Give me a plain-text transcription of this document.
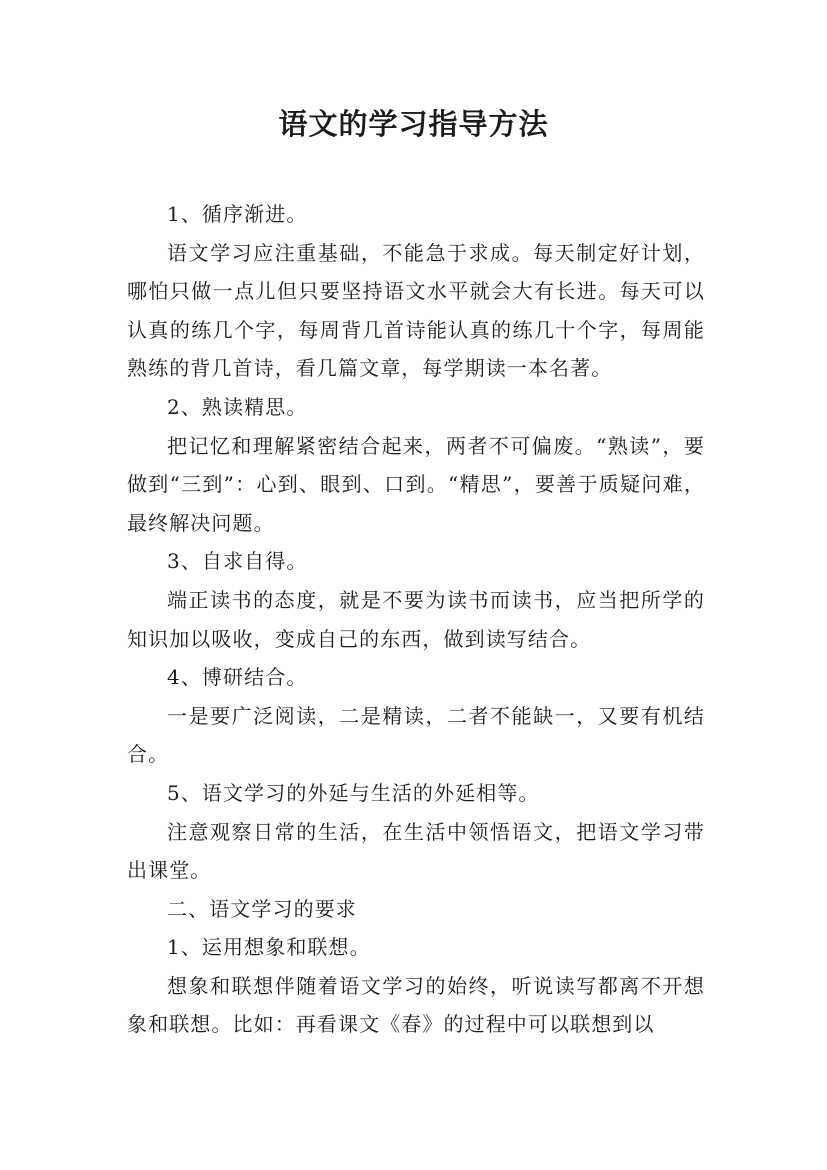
语文的学习指导方法

1、循序渐进。

语文学习应注重基础，不能急于求成。每天制定好计划，哪怕只做一点儿但只要坚持语文水平就会大有长进。每天可以认真的练几个字，每周背几首诗能认真的练几十个字，每周能熟练的背几首诗，看几篇文章，每学期读一本名著。

2、熟读精思。

把记忆和理解紧密结合起来，两者不可偏废。“熟读”，要做到“三到”：心到、眼到、口到。“精思”，要善于质疑问难，最终解决问题。

3、自求自得。

端正读书的态度，就是不要为读书而读书，应当把所学的知识加以吸收，变成自己的东西，做到读写结合。

4、博研结合。

一是要广泛阅读，二是精读，二者不能缺一，又要有机结合。

5、语文学习的外延与生活的外延相等。

注意观察日常的生活，在生活中领悟语文，把语文学习带出课堂。

二、语文学习的要求

1、运用想象和联想。

想象和联想伴随着语文学习的始终，听说读写都离不开想象和联想。比如：再看课文《春》的过程中可以联想到以
